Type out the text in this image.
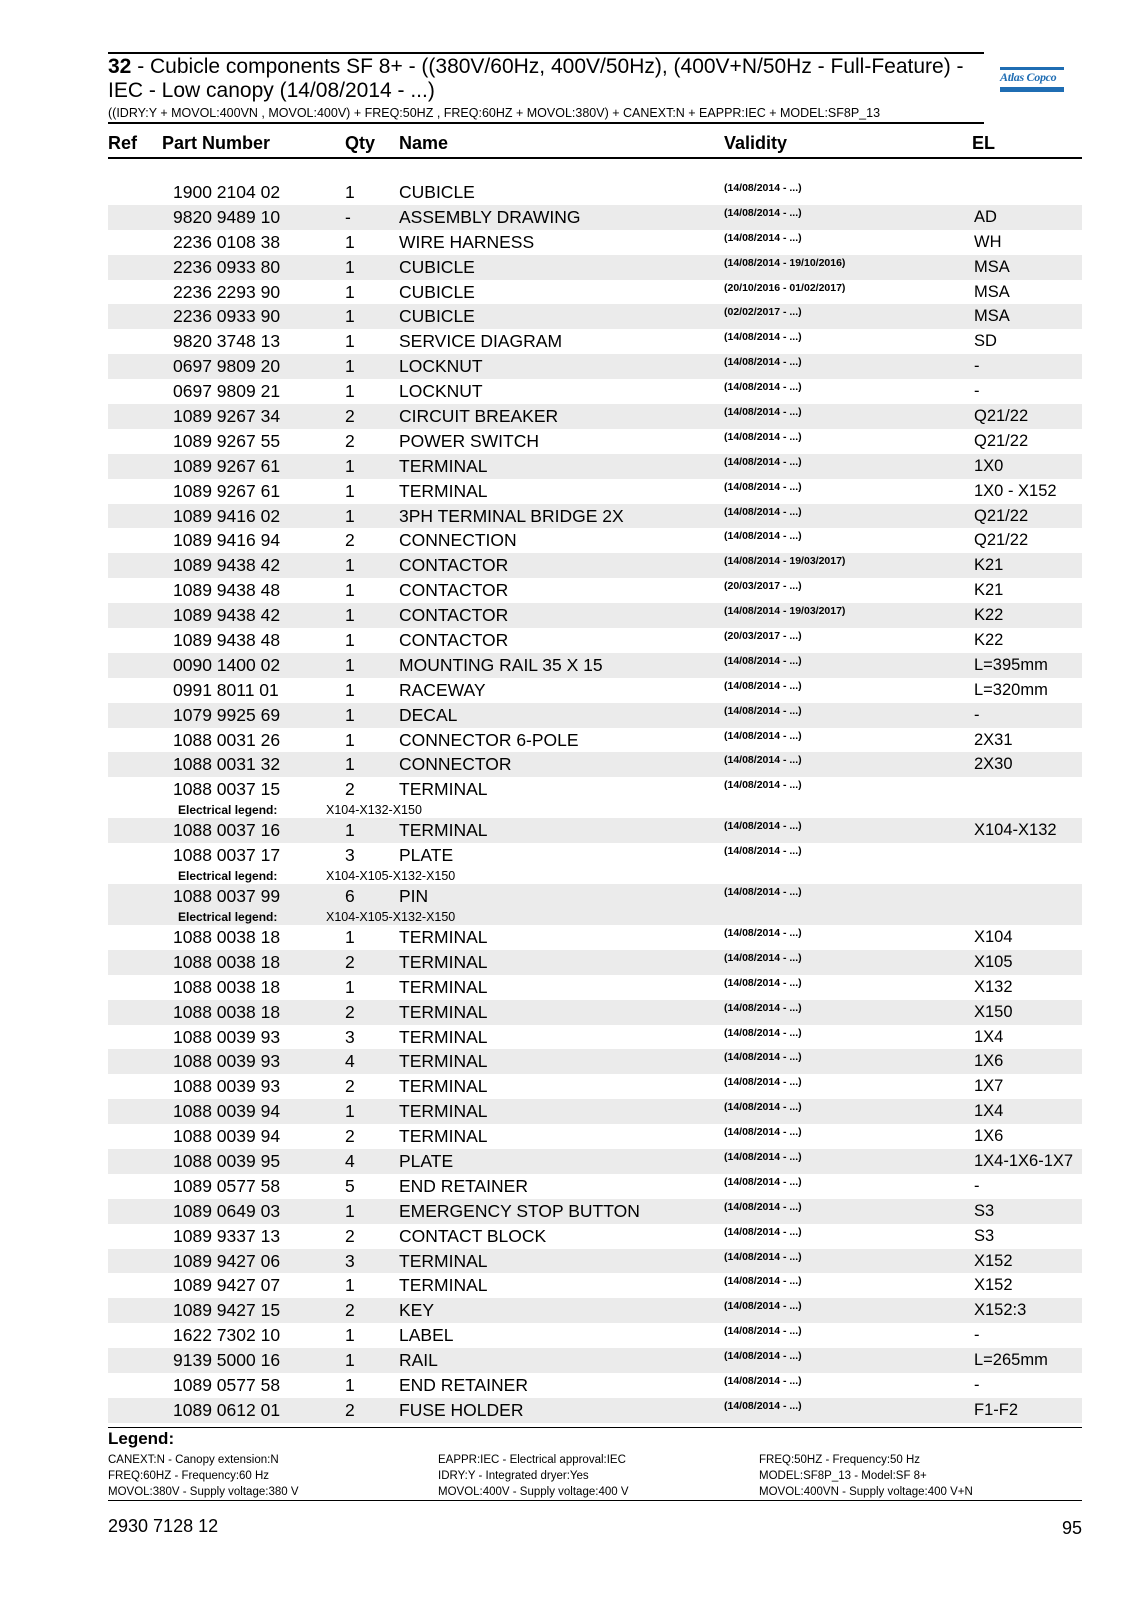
32 - Cubicle components SF 8+ - ((380V/60Hz, 400V/50Hz), (400V+N/50Hz - Full-Feature) - IEC - Low canopy (14/08/2014 - ...)
((IDRY:Y + MOVOL:400VN , MOVOL:400V) + FREQ:50HZ , FREQ:60HZ + MOVOL:380V) + CANEXT:N + EAPPR:IEC + MODEL:SF8P_13
Atlas Copco
Ref Part Number	Qty Name	Validity	EL
1900 2104 02	1	CUBICLE	(14/08/2014 - ...)
9820 9489 10	-	ASSEMBLY DRAWING	(14/08/2014 - ...)	AD
2236 0108 38	1	WIRE HARNESS	(14/08/2014 - ...)	WH
2236 0933 80	1	CUBICLE	(14/08/2014 - 19/10/2016)	MSA
2236 2293 90	1	CUBICLE	(20/10/2016 - 01/02/2017)	MSA
2236 0933 90	1	CUBICLE	(02/02/2017 - ...)	MSA
9820 3748 13	1	SERVICE DIAGRAM	(14/08/2014 - ...)	SD
0697 9809 20	1	LOCKNUT	(14/08/2014 - ...)	-
0697 9809 21	1	LOCKNUT	(14/08/2014 - ...)	-
1089 9267 34	2	CIRCUIT BREAKER	(14/08/2014 - ...)	Q21/22
1089 9267 55	2	POWER SWITCH	(14/08/2014 - ...)	Q21/22
1089 9267 61	1	TERMINAL	(14/08/2014 - ...)	1X0
1089 9267 61	1	TERMINAL	(14/08/2014 - ...)	1X0 - X152
1089 9416 02	1	3PH TERMINAL BRIDGE 2X	(14/08/2014 - ...)	Q21/22
1089 9416 94	2	CONNECTION	(14/08/2014 - ...)	Q21/22
1089 9438 42	1	CONTACTOR	(14/08/2014 - 19/03/2017)	K21
1089 9438 48	1	CONTACTOR	(20/03/2017 - ...)	K21
1089 9438 42	1	CONTACTOR	(14/08/2014 - 19/03/2017)	K22
1089 9438 48	1	CONTACTOR	(20/03/2017 - ...)	K22
0090 1400 02	1	MOUNTING RAIL 35 X 15	(14/08/2014 - ...)	L=395mm
0991 8011 01	1	RACEWAY	(14/08/2014 - ...)	L=320mm
1079 9925 69	1	DECAL	(14/08/2014 - ...)	-
1088 0031 26	1	CONNECTOR 6-POLE	(14/08/2014 - ...)	2X31
1088 0031 32	1	CONNECTOR	(14/08/2014 - ...)	2X30
1088 0037 15	2	TERMINAL	(14/08/2014 - ...)
Electrical legend:	X104-X132-X150
1088 0037 16	1	TERMINAL	(14/08/2014 - ...)	X104-X132
1088 0037 17	3	PLATE	(14/08/2014 - ...)
Electrical legend:	X104-X105-X132-X150
1088 0037 99	6	PIN	(14/08/2014 - ...)
Electrical legend:	X104-X105-X132-X150
1088 0038 18	1	TERMINAL	(14/08/2014 - ...)	X104
1088 0038 18	2	TERMINAL	(14/08/2014 - ...)	X105
1088 0038 18	1	TERMINAL	(14/08/2014 - ...)	X132
1088 0038 18	2	TERMINAL	(14/08/2014 - ...)	X150
1088 0039 93	3	TERMINAL	(14/08/2014 - ...)	1X4
1088 0039 93	4	TERMINAL	(14/08/2014 - ...)	1X6
1088 0039 93	2	TERMINAL	(14/08/2014 - ...)	1X7
1088 0039 94	1	TERMINAL	(14/08/2014 - ...)	1X4
1088 0039 94	2	TERMINAL	(14/08/2014 - ...)	1X6
1088 0039 95	4	PLATE	(14/08/2014 - ...)	1X4-1X6-1X7
1089 0577 58	5	END RETAINER	(14/08/2014 - ...)	-
1089 0649 03	1	EMERGENCY STOP BUTTON	(14/08/2014 - ...)	S3
1089 9337 13	2	CONTACT BLOCK	(14/08/2014 - ...)	S3
1089 9427 06	3	TERMINAL	(14/08/2014 - ...)	X152
1089 9427 07	1	TERMINAL	(14/08/2014 - ...)	X152
1089 9427 15	2	KEY	(14/08/2014 - ...)	X152:3
1622 7302 10	1	LABEL	(14/08/2014 - ...)	-
9139 5000 16	1	RAIL	(14/08/2014 - ...)	L=265mm
1089 0577 58	1	END RETAINER	(14/08/2014 - ...)	-
1089 0612 01	2	FUSE HOLDER	(14/08/2014 - ...)	F1-F2
Legend:
CANEXT:N - Canopy extension:N
FREQ:60HZ - Frequency:60 Hz
MOVOL:380V - Supply voltage:380 V
EAPPR:IEC - Electrical approval:IEC
IDRY:Y - Integrated dryer:Yes
MOVOL:400V - Supply voltage:400 V
FREQ:50HZ - Frequency:50 Hz
MODEL:SF8P_13 - Model:SF 8+
MOVOL:400VN - Supply voltage:400 V+N
2930 7128 12	95
